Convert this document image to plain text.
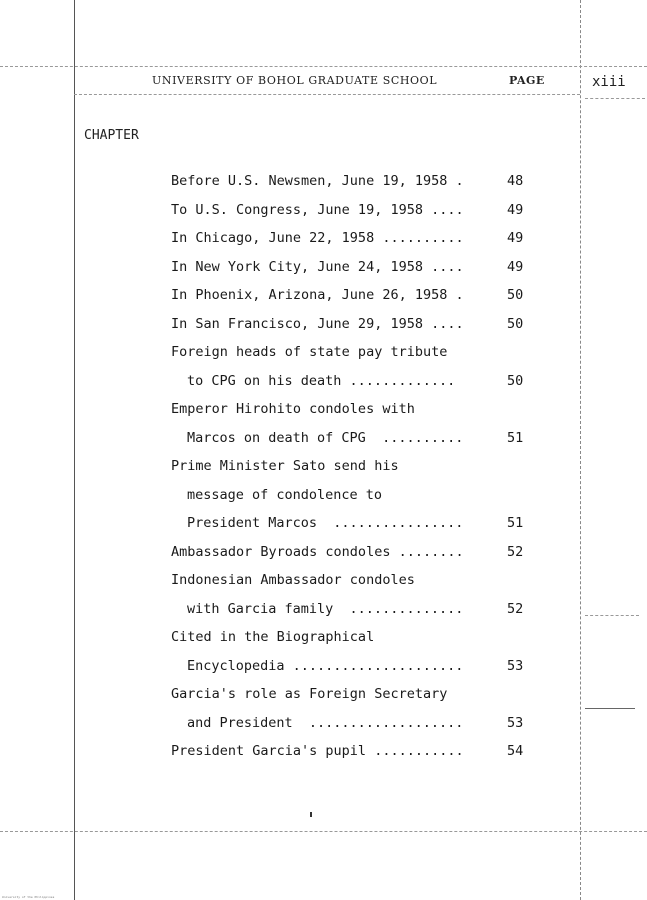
UNIVERSITY OF BOHOL GRADUATE SCHOOL	PAGE	xiii
CHAPTER
Before U.S. Newsmen, June 19, 1958 .	48
To U.S. Congress, June 19, 1958 ....	49
In Chicago, June 22, 1958 ..........	49
In New York City, June 24, 1958 ....	49
In Phoenix, Arizona, June 26, 1958 .	50
In San Francisco, June 29, 1958 ....	50
Foreign heads of state pay tribute
to CPG on his death .............	50
Emperor Hirohito condoles with
Marcos on death of CPG  ..........	51
Prime Minister Sato send his
message of condolence to
President Marcos  ................	51
Ambassador Byroads condoles ........	52
Indonesian Ambassador condoles
with Garcia family  ..............	52
Cited in the Biographical
Encyclopedia .....................	53
Garcia's role as Foreign Secretary
and President  ...................	53
President Garcia's pupil ...........	54
University of the Philippines
